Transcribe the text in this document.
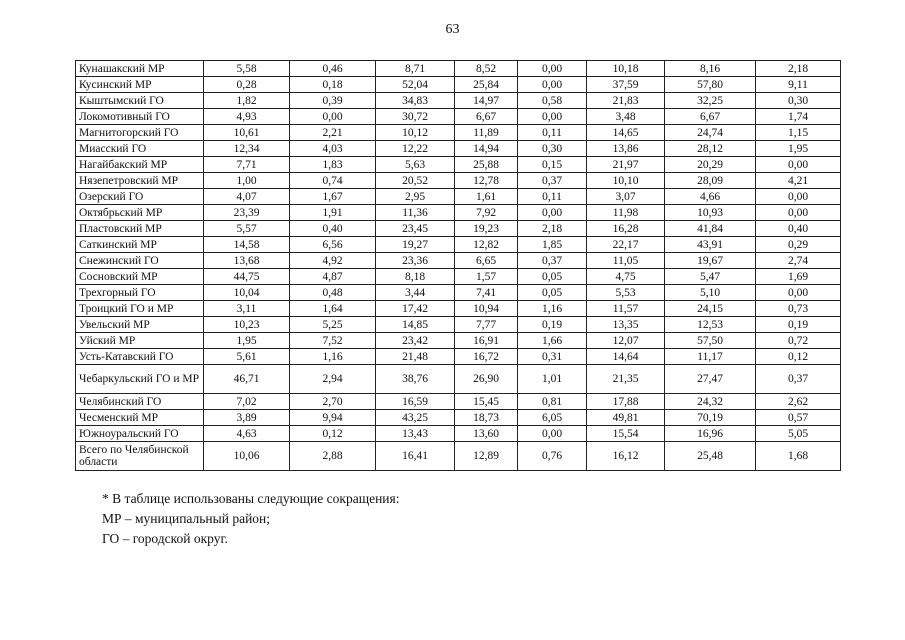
63
Кунашакский МР	5,58	0,46	8,71	8,52	0,00	10,18	8,16	2,18
Кусинский МР	0,28	0,18	52,04	25,84	0,00	37,59	57,80	9,11
Кыштымский ГО	1,82	0,39	34,83	14,97	0,58	21,83	32,25	0,30
Локомотивный ГО	4,93	0,00	30,72	6,67	0,00	3,48	6,67	1,74
Магнитогорский ГО	10,61	2,21	10,12	11,89	0,11	14,65	24,74	1,15
Миасский ГО	12,34	4,03	12,22	14,94	0,30	13,86	28,12	1,95
Нагайбакский МР	7,71	1,83	5,63	25,88	0,15	21,97	20,29	0,00
Нязепетровский МР	1,00	0,74	20,52	12,78	0,37	10,10	28,09	4,21
Озерский ГО	4,07	1,67	2,95	1,61	0,11	3,07	4,66	0,00
Октябрьский МР	23,39	1,91	11,36	7,92	0,00	11,98	10,93	0,00
Пластовский МР	5,57	0,40	23,45	19,23	2,18	16,28	41,84	0,40
Саткинский МР	14,58	6,56	19,27	12,82	1,85	22,17	43,91	0,29
Снежинский ГО	13,68	4,92	23,36	6,65	0,37	11,05	19,67	2,74
Сосновский МР	44,75	4,87	8,18	1,57	0,05	4,75	5,47	1,69
Трехгорный ГО	10,04	0,48	3,44	7,41	0,05	5,53	5,10	0,00
Троицкий ГО и МР	3,11	1,64	17,42	10,94	1,16	11,57	24,15	0,73
Увельский МР	10,23	5,25	14,85	7,77	0,19	13,35	12,53	0,19
Уйский МР	1,95	7,52	23,42	16,91	1,66	12,07	57,50	0,72
Усть-Катавский ГО	5,61	1,16	21,48	16,72	0,31	14,64	11,17	0,12
Чебаркульский ГО и МР	46,71	2,94	38,76	26,90	1,01	21,35	27,47	0,37
Челябинский ГО	7,02	2,70	16,59	15,45	0,81	17,88	24,32	2,62
Чесменский МР	3,89	9,94	43,25	18,73	6,05	49,81	70,19	0,57
Южноуральский ГО	4,63	0,12	13,43	13,60	0,00	15,54	16,96	5,05
Всего по Челябинской области	10,06	2,88	16,41	12,89	0,76	16,12	25,48	1,68
* В таблице использованы следующие сокращения:
МР – муниципальный район;
ГО – городской округ.
